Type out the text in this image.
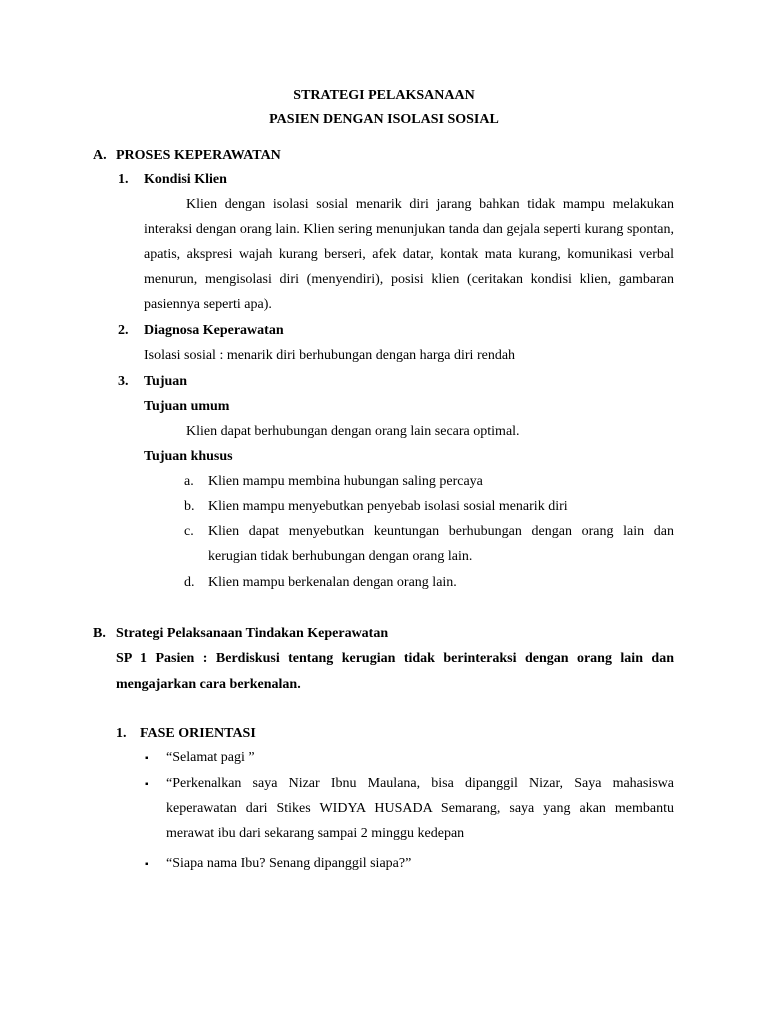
STRATEGI PELAKSANAAN
PASIEN DENGAN ISOLASI SOSIAL
A. PROSES KEPERAWATAN
1. Kondisi Klien
Klien dengan isolasi sosial menarik diri jarang bahkan tidak mampu melakukan interaksi dengan orang lain. Klien sering menunjukan tanda dan gejala seperti kurang spontan, apatis, akspresi wajah kurang berseri, afek datar, kontak mata kurang, komunikasi verbal menurun, mengisolasi diri (menyendiri), posisi klien (ceritakan kondisi klien, gambaran pasiennya seperti apa).
2. Diagnosa Keperawatan
Isolasi sosial : menarik diri berhubungan dengan harga diri rendah
3. Tujuan
Tujuan umum
Klien dapat berhubungan dengan orang lain secara optimal.
Tujuan khusus
a. Klien mampu membina hubungan saling percaya
b. Klien mampu menyebutkan penyebab isolasi sosial menarik diri
c. Klien dapat menyebutkan keuntungan berhubungan dengan orang lain dan kerugian tidak berhubungan dengan orang lain.
d. Klien mampu berkenalan dengan orang lain.
B. Strategi Pelaksanaan Tindakan Keperawatan
SP 1 Pasien : Berdiskusi tentang kerugian tidak berinteraksi dengan orang lain dan mengajarkan cara berkenalan.
1. FASE ORIENTASI
▪ “Selamat pagi ”
▪ “Perkenalkan saya Nizar Ibnu Maulana, bisa dipanggil Nizar, Saya mahasiswa keperawatan dari Stikes WIDYA HUSADA Semarang, saya yang akan membantu merawat ibu dari sekarang sampai 2 minggu kedepan
▪ “Siapa nama Ibu? Senang dipanggil siapa?”
